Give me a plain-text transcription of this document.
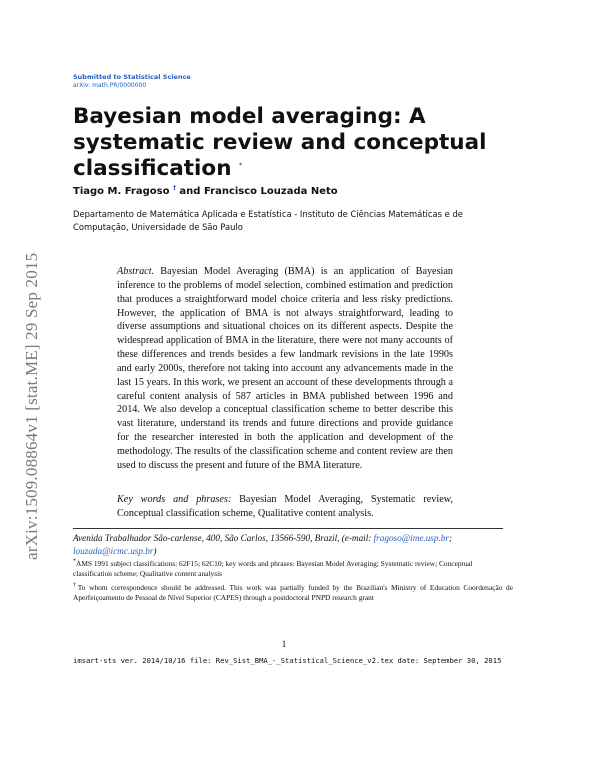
arXiv:1509.08864v1 [stat.ME] 29 Sep 2015
Submitted to Statistical Science
arXiv: math.PR/0000000
Bayesian model averaging: A systematic review and conceptual classification *
Tiago M. Fragoso † and Francisco Louzada Neto
Departamento de Matemática Aplicada e Estatística - Instituto de Ciências Matemáticas e de Computação, Universidade de São Paulo
Abstract. Bayesian Model Averaging (BMA) is an application of Bayesian inference to the problems of model selection, combined estimation and prediction that produces a straightforward model choice criteria and less risky predictions. However, the application of BMA is not always straightforward, leading to diverse assumptions and situational choices on its different aspects. Despite the widespread application of BMA in the literature, there were not many accounts of these differences and trends besides a few landmark revisions in the late 1990s and early 2000s, therefore not taking into account any advancements made in the last 15 years. In this work, we present an account of these developments through a careful content analysis of 587 articles in BMA published between 1996 and 2014. We also develop a conceptual classification scheme to better describe this vast literature, understand its trends and future directions and provide guidance for the researcher interested in both the application and development of the methodology. The results of the classification scheme and content review are then used to discuss the present and future of the BMA literature.
Key words and phrases: Bayesian Model Averaging, Systematic review, Conceptual classification scheme, Qualitative content analysis.
Avenida Trabalhador São-carlense, 400, São Carlos, 13566-590, Brazil, (e-mail: fragoso@ime.usp.br; louzada@icmc.usp.br)
*AMS 1991 subject classifications: 62F15; 62C10; key words and phrases: Bayesian Model Averaging; Systematic review; Conceptual classification scheme; Qualitative content analysis
†To whom correspondence should be addressed. This work was partially funded by the Brazilian's Ministry of Education Coordenação de Aperfeiçoamento de Pessoal de Nível Superior (CAPES) through a postdoctoral PNPD research grant
1
imsart-sts ver. 2014/10/16 file: Rev_Sist_BMA_-_Statistical_Science_v2.tex date: September 30, 2015
